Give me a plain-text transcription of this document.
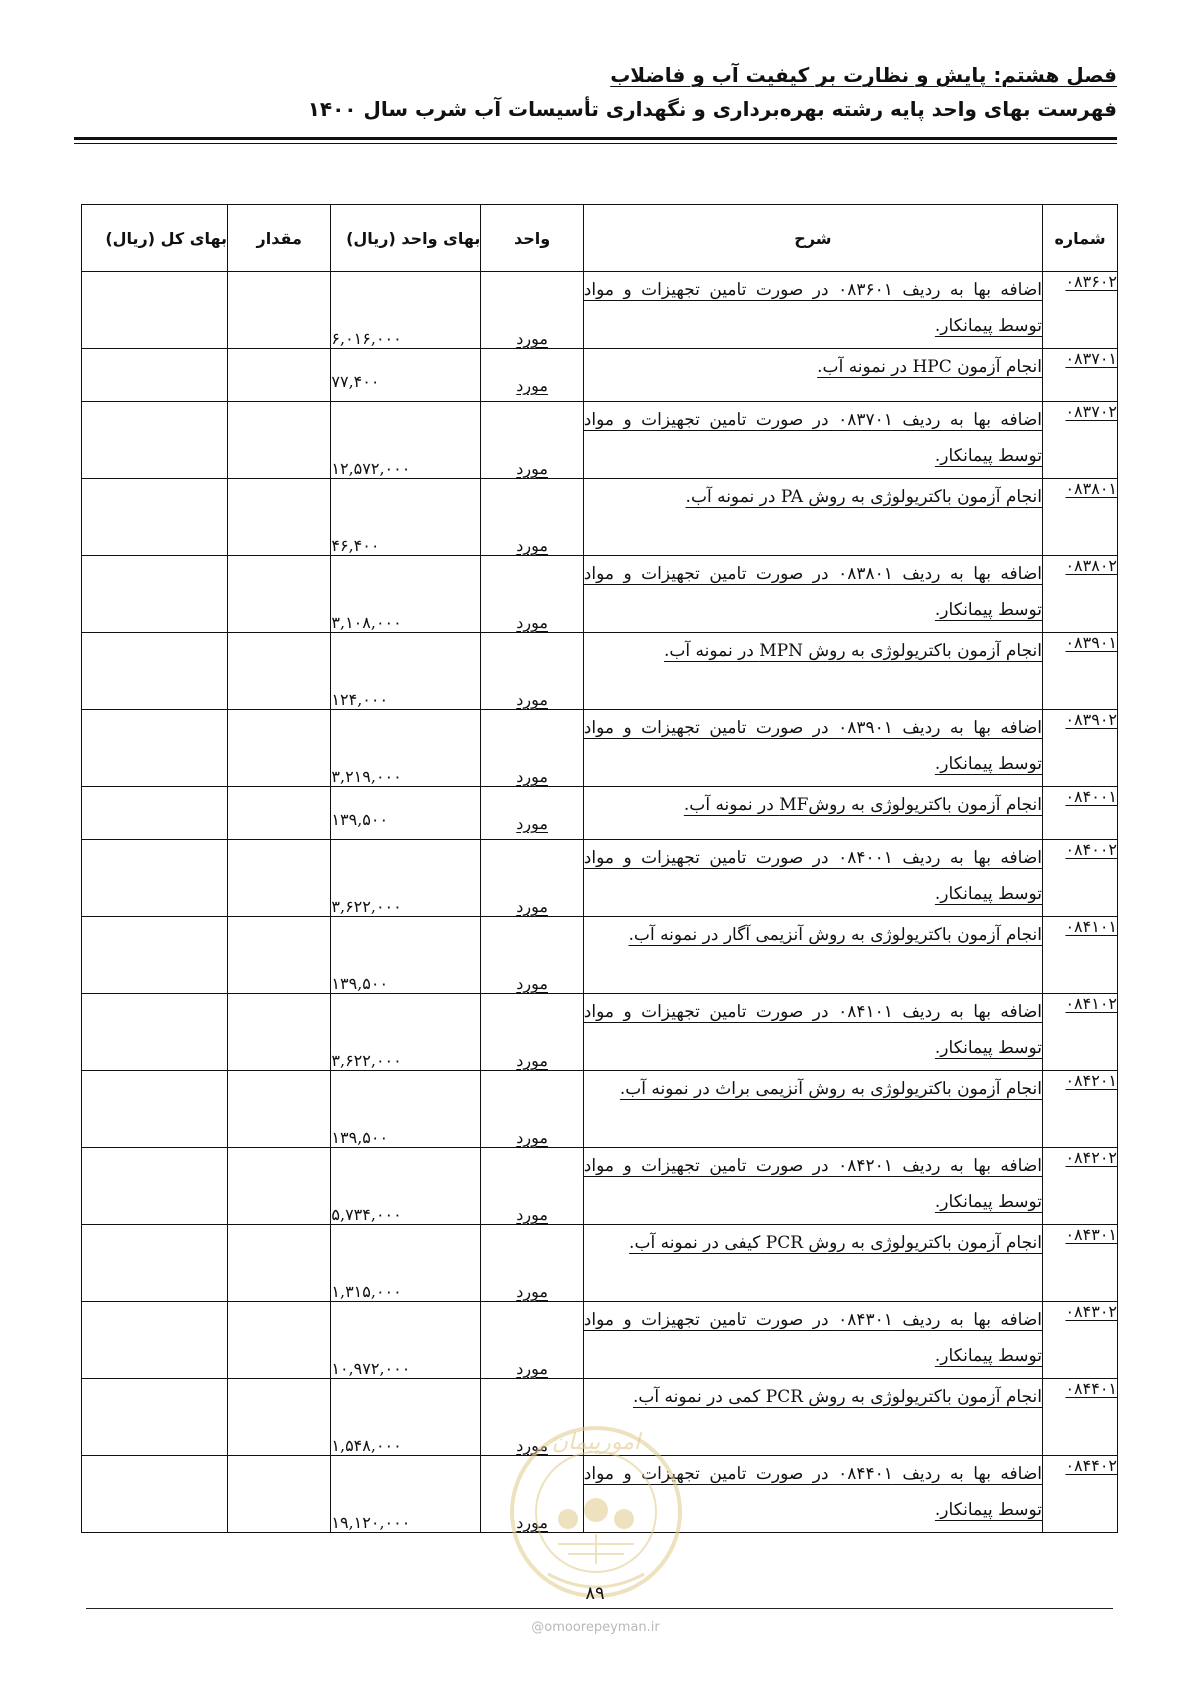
فصل هشتم: پایش و نظارت بر کیفیت آب و فاضلاب
فهرست بهای واحد پایه رشته بهره‌برداری و نگهداری تأسیسات آب شرب سال ۱۴۰۰
شماره	شرح	واحد	بهای واحد (ریال)	مقدار	بهای کل (ریال)
۰۸۳۶۰۲	اضافه بها به ردیف ۰۸۳۶۰۱ در صورت تامین تجهیزات و مواد توسط پیمانکار.	مورد	۶,۰۱۶,۰۰۰		
۰۸۳۷۰۱	انجام آزمون HPC در نمونه آب.	مورد	۷۷,۴۰۰		
۰۸۳۷۰۲	اضافه بها به ردیف ۰۸۳۷۰۱ در صورت تامین تجهیزات و مواد توسط پیمانکار.	مورد	۱۲,۵۷۲,۰۰۰		
۰۸۳۸۰۱	انجام آزمون باکتریولوژی به روش PA در نمونه آب.	مورد	۴۶,۴۰۰		
۰۸۳۸۰۲	اضافه بها به ردیف ۰۸۳۸۰۱ در صورت تامین تجهیزات و مواد توسط پیمانکار.	مورد	۳,۱۰۸,۰۰۰		
۰۸۳۹۰۱	انجام آزمون باکتریولوژی به روش MPN در نمونه آب.	مورد	۱۲۴,۰۰۰		
۰۸۳۹۰۲	اضافه بها به ردیف ۰۸۳۹۰۱ در صورت تامین تجهیزات و مواد توسط پیمانکار.	مورد	۳,۲۱۹,۰۰۰		
۰۸۴۰۰۱	انجام آزمون باکتریولوژی به روشMF در نمونه آب.	مورد	۱۳۹,۵۰۰		
۰۸۴۰۰۲	اضافه بها به ردیف ۰۸۴۰۰۱ در صورت تامین تجهیزات و مواد توسط پیمانکار.	مورد	۳,۶۲۲,۰۰۰		
۰۸۴۱۰۱	انجام آزمون باکتریولوژی به روش آنزیمی آگار در نمونه آب.	مورد	۱۳۹,۵۰۰		
۰۸۴۱۰۲	اضافه بها به ردیف ۰۸۴۱۰۱ در صورت تامین تجهیزات و مواد توسط پیمانکار.	مورد	۳,۶۲۲,۰۰۰		
۰۸۴۲۰۱	انجام آزمون باکتریولوژی به روش آنزیمی براث در نمونه آب.	مورد	۱۳۹,۵۰۰		
۰۸۴۲۰۲	اضافه بها به ردیف ۰۸۴۲۰۱ در صورت تامین تجهیزات و مواد توسط پیمانکار.	مورد	۵,۷۳۴,۰۰۰		
۰۸۴۳۰۱	انجام آزمون باکتریولوژی به روش PCR کیفی در نمونه آب.	مورد	۱,۳۱۵,۰۰۰		
۰۸۴۳۰۲	اضافه بها به ردیف ۰۸۴۳۰۱ در صورت تامین تجهیزات و مواد توسط پیمانکار.	مورد	۱۰,۹۷۲,۰۰۰		
۰۸۴۴۰۱	انجام آزمون باکتریولوژی به روش PCR کمی در نمونه آب.	مورد	۱,۵۴۸,۰۰۰		
۰۸۴۴۰۲	اضافه بها به ردیف ۰۸۴۴۰۱ در صورت تامین تجهیزات و مواد توسط پیمانکار.	مورد	۱۹,۱۲۰,۰۰۰		
امورپیمان
۸۹
@omoorepeyman.ir
